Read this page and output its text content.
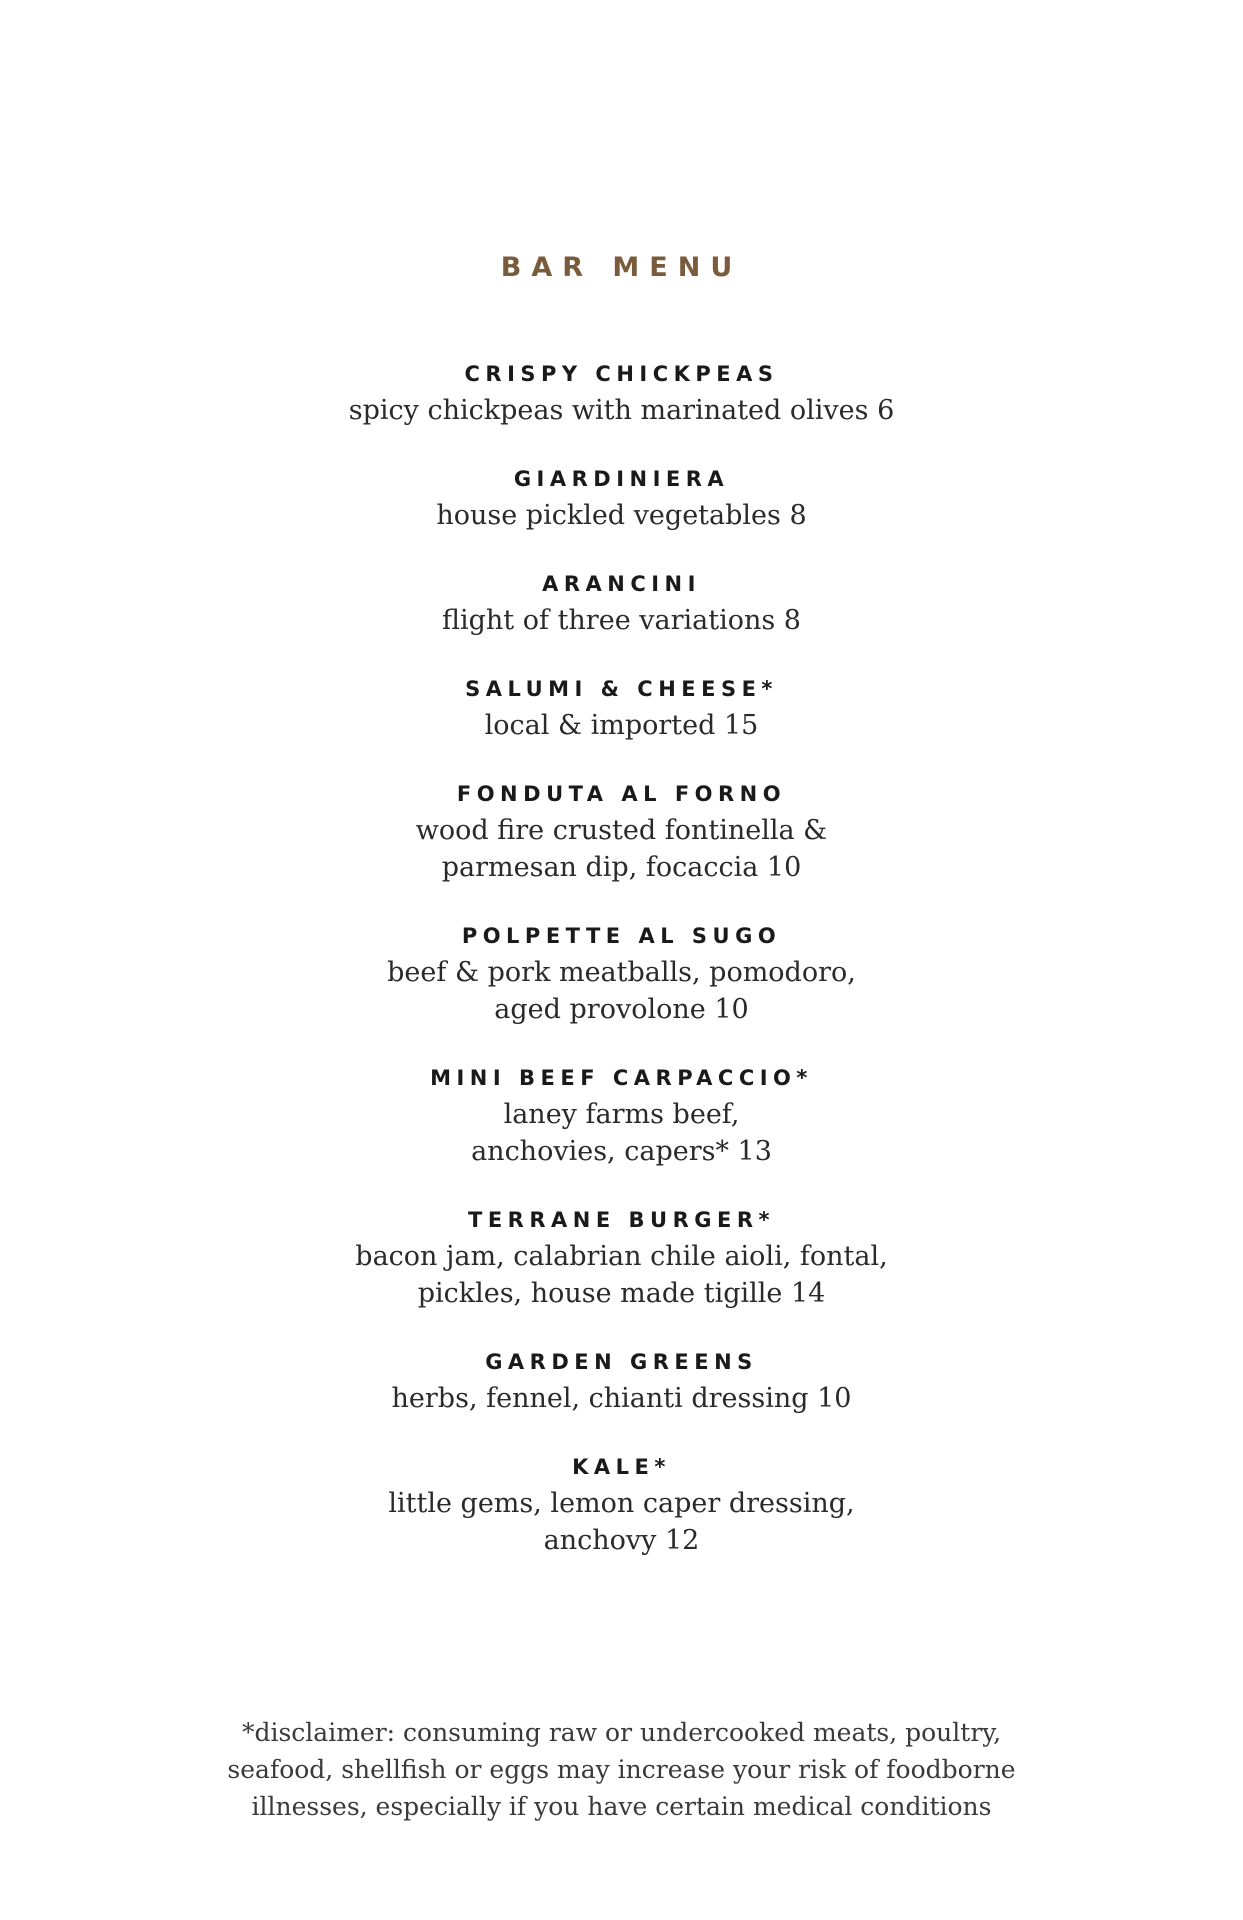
BAR MENU
CRISPY CHICKPEAS
spicy chickpeas with marinated olives 6
GIARDINIERA
house pickled vegetables 8
ARANCINI
flight of three variations 8
SALUMI & CHEESE*
local & imported 15
FONDUTA AL FORNO
wood fire crusted fontinella &
parmesan dip, focaccia 10
POLPETTE AL SUGO
beef & pork meatballs, pomodoro,
aged provolone 10
MINI BEEF CARPACCIO*
laney farms beef,
anchovies, capers* 13
TERRANE BURGER*
bacon jam, calabrian chile aioli, fontal,
pickles, house made tigille 14
GARDEN GREENS
herbs, fennel, chianti dressing 10
KALE*
little gems, lemon caper dressing,
anchovy 12
*disclaimer: consuming raw or undercooked meats, poultry,
seafood, shellfish or eggs may increase your risk of foodborne
illnesses, especially if you have certain medical conditions
